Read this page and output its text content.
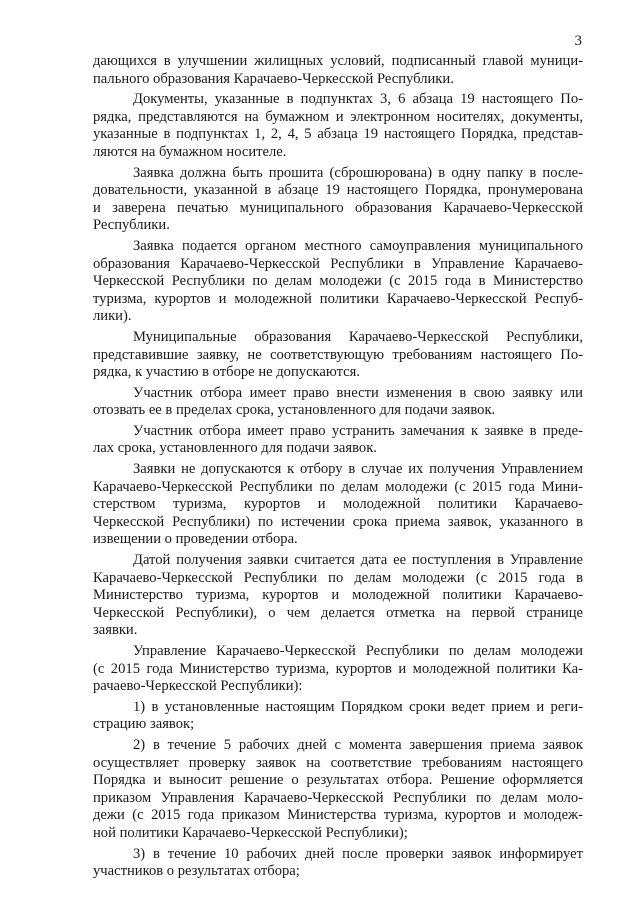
3
дающихся в улучшении жилищных условий, подписанный главой муници-
пального образования Карачаево-Черкесской Республики.
Документы, указанные в подпунктах 3, 6 абзаца 19 настоящего По-
рядка, представляются на бумажном и электронном носителях, документы,
указанные в подпунктах 1, 2, 4, 5 абзаца 19 настоящего Порядка, представ-
ляются на бумажном носителе.
Заявка должна быть прошита (сброшюрована) в одну папку в после-
довательности, указанной в абзаце 19 настоящего Порядка, пронумерована
и заверена печатью муниципального образования Карачаево-Черкесской
Республики.
Заявка подается органом местного самоуправления муниципального
образования Карачаево-Черкесской Республики в Управление Карачаево-
Черкесской Республики по делам молодежи (с 2015 года в Министерство
туризма, курортов и молодежной политики Карачаево-Черкесской Респуб-
лики).
Муниципальные образования Карачаево-Черкесской Республики,
представившие заявку, не соответствующую требованиям настоящего По-
рядка, к участию в отборе не допускаются.
Участник отбора имеет право внести изменения в свою заявку или
отозвать ее в пределах срока, установленного для подачи заявок.
Участник отбора имеет право устранить замечания к заявке в преде-
лах срока, установленного для подачи заявок.
Заявки не допускаются к отбору в случае их получения Управлением
Карачаево-Черкесской Республики по делам молодежи (с 2015 года Мини-
стерством туризма, курортов и молодежной политики Карачаево-
Черкесской Республики) по истечении срока приема заявок, указанного в
извещении о проведении отбора.
Датой получения заявки считается дата ее поступления в Управление
Карачаево-Черкесской Республики по делам молодежи (с 2015 года в
Министерство туризма, курортов и молодежной политики Карачаево-
Черкесской Республики), о чем делается отметка на первой странице
заявки.
Управление Карачаево-Черкесской Республики по делам молодежи
(с 2015 года Министерство туризма, курортов и молодежной политики Ка-
рачаево-Черкесской Республики):
1) в установленные настоящим Порядком сроки ведет прием и реги-
страцию заявок;
2) в течение 5 рабочих дней с момента завершения приема заявок
осуществляет проверку заявок на соответствие требованиям настоящего
Порядка и выносит решение о результатах отбора. Решение оформляется
приказом Управления Карачаево-Черкесской Республики по делам моло-
дежи (с 2015 года приказом Министерства туризма, курортов и молодеж-
ной политики Карачаево-Черкесской Республики);
3) в течение 10 рабочих дней после проверки заявок информирует
участников о результатах отбора;
